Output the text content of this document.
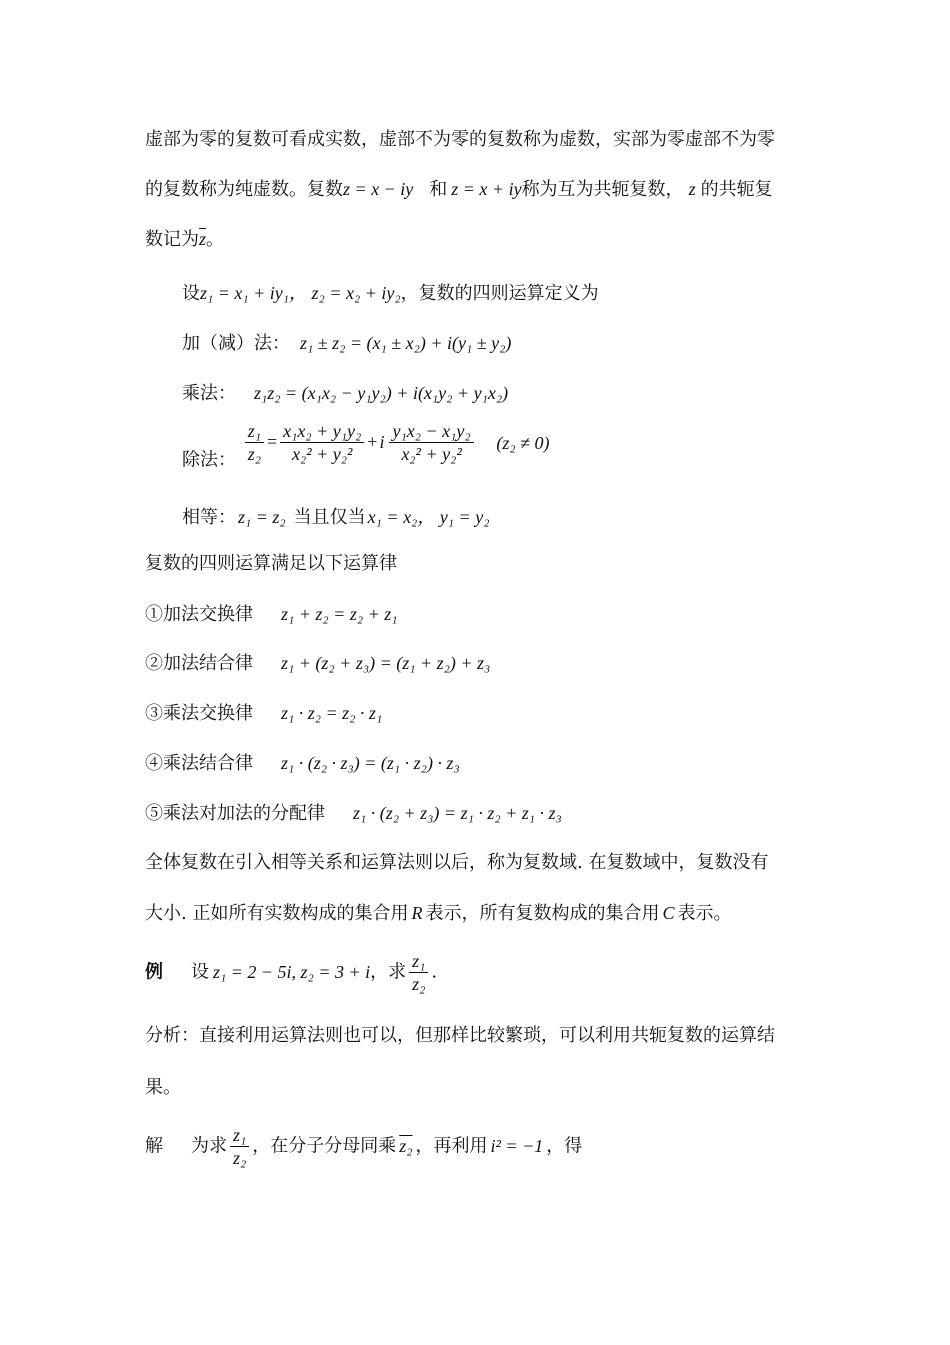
虚部为零的复数可看成实数，虚部不为零的复数称为虚数，实部为零虚部不为零
的复数称为纯虚数。复数z = x − iy 和 z = x + iy称为互为共轭复数， z 的共轭复
数记为$\overline{z}$。
设z₁ = x₁ + iy₁， z₂ = x₂ + iy₂，复数的四则运算定义为
加（减）法： z₁ ± z₂ = (x₁ ± x₂) + i(y₁ ± y₂)
乘法： z₁z₂ = (x₁x₂ − y₁y₂) + i(x₁y₂ + y₁x₂)
除法： $\frac{\text{z₁}}{\text{z₂}} = \frac{\text{x₁x₂ + y₁y₂}}{\text{x₂² + y₂²}} + i \frac{\text{y₁x₂ − x₁y₂}}{\text{x₂² + y₂²}} (z_2 \ne 0)$
相等： z₁ = z₂ 当且仅当 x₁ = x₂， y₁ = y₂
复数的四则运算满足以下运算律
①加法交换律 z₁ + z₂ = z₂ + z₁
②加法结合律 z₁ + (z₂ + z₃) = (z₁ + z₂) + z₃
③乘法交换律 z₁ · z₂ = z₂ · z₁
④乘法结合律 z₁ · (z₂ · z₃) = (z₁ · z₂) · z₃
⑤乘法对加法的分配律 z₁ · (z₂ + z₃) = z₁ · z₂ + z₁ · z₃
全体复数在引入相等关系和运算法则以后，称为复数域. 在复数域中，复数没有
大小. 正如所有实数构成的集合用 R 表示，所有复数构成的集合用 C 表示。
例 设 z₁ = 2 − 5i, z₂ = 3 + i，求 $\frac{\text{z₁}}{\text{z₂}}$ .
分析：直接利用运算法则也可以，但那样比较繁琐，可以利用共轭复数的运算结
果。
解 为求 $\frac{\text{z₁}}{\text{z₂}}$ ，在分子分母同乘 z₂ ，再利用 i² = −1 ，得
